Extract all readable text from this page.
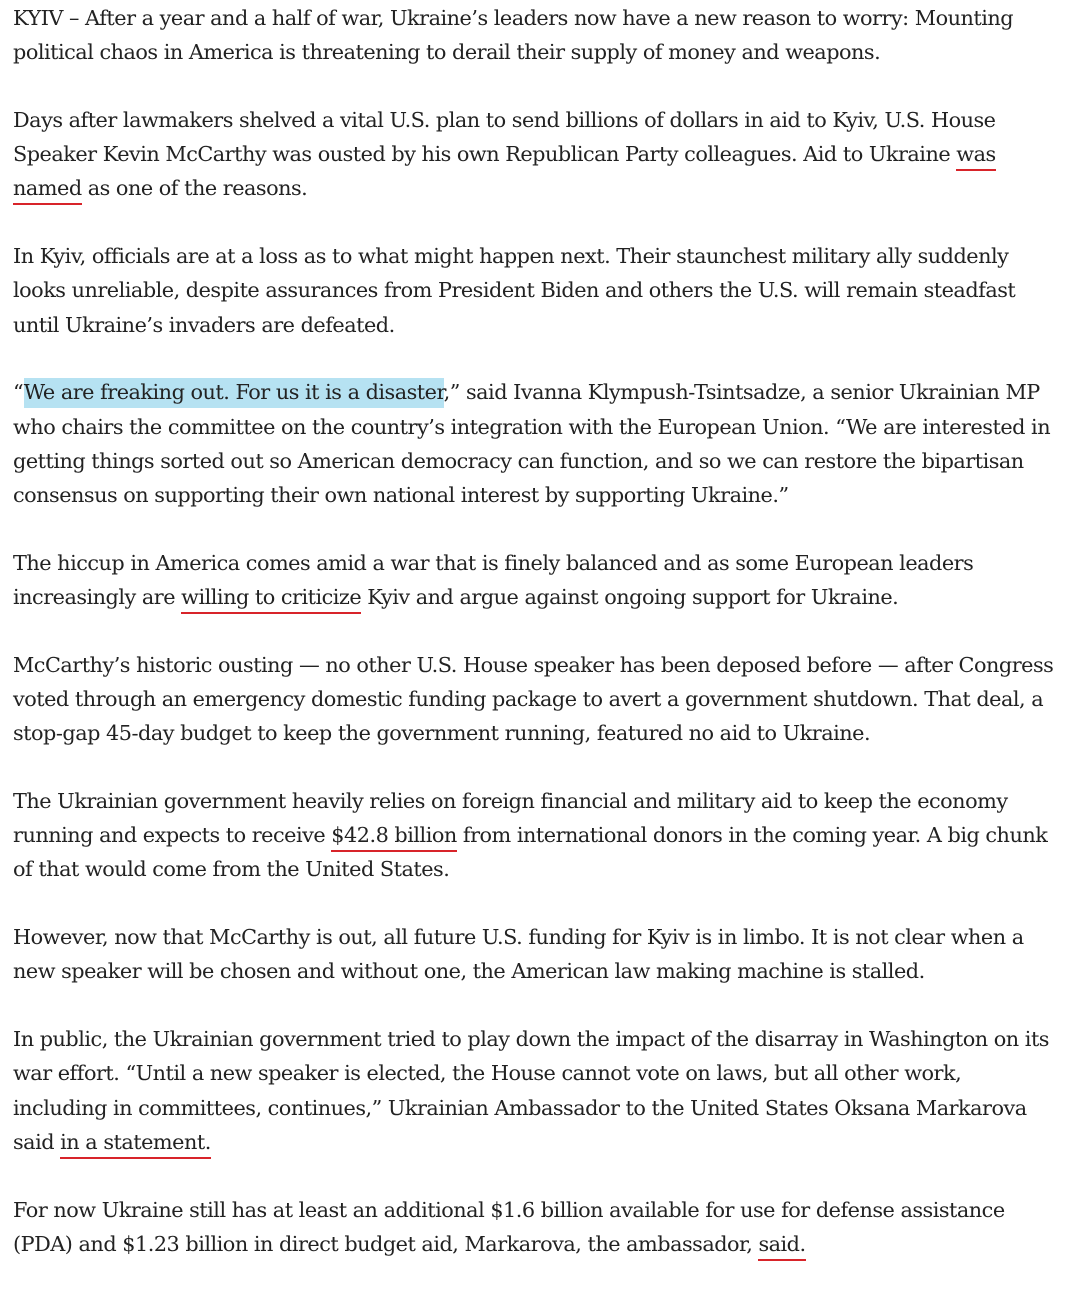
KYIV – After a year and a half of war, Ukraine’s leaders now have a new reason to worry: Mounting political chaos in America is threatening to derail their supply of money and weapons.

Days after lawmakers shelved a vital U.S. plan to send billions of dollars in aid to Kyiv, U.S. House Speaker Kevin McCarthy was ousted by his own Republican Party colleagues. Aid to Ukraine was named as one of the reasons.

In Kyiv, officials are at a loss as to what might happen next. Their staunchest military ally suddenly looks unreliable, despite assurances from President Biden and others the U.S. will remain steadfast until Ukraine’s invaders are defeated.

“We are freaking out. For us it is a disaster,” said Ivanna Klympush-Tsintsadze, a senior Ukrainian MP who chairs the committee on the country’s integration with the European Union. “We are interested in getting things sorted out so American democracy can function, and so we can restore the bipartisan consensus on supporting their own national interest by supporting Ukraine.”

The hiccup in America comes amid a war that is finely balanced and as some European leaders increasingly are willing to criticize Kyiv and argue against ongoing support for Ukraine.

McCarthy’s historic ousting — no other U.S. House speaker has been deposed before — after Congress voted through an emergency domestic funding package to avert a government shutdown. That deal, a stop-gap 45-day budget to keep the government running, featured no aid to Ukraine.

The Ukrainian government heavily relies on foreign financial and military aid to keep the economy running and expects to receive $42.8 billion from international donors in the coming year. A big chunk of that would come from the United States.

However, now that McCarthy is out, all future U.S. funding for Kyiv is in limbo. It is not clear when a new speaker will be chosen and without one, the American law making machine is stalled.

In public, the Ukrainian government tried to play down the impact of the disarray in Washington on its war effort. “Until a new speaker is elected, the House cannot vote on laws, but all other work, including in committees, continues,” Ukrainian Ambassador to the United States Oksana Markarova said in a statement.

For now Ukraine still has at least an additional $1.6 billion available for use for defense assistance (PDA) and $1.23 billion in direct budget aid, Markarova, the ambassador, said.
